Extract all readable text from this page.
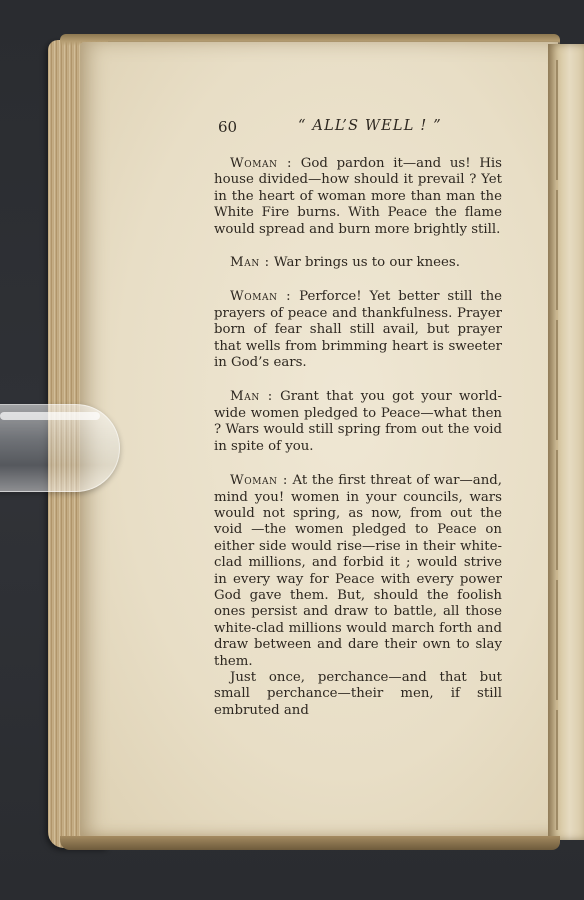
60	“ ALL’S WELL ! ”

Woman : God pardon it—and us! His house divided—how should it prevail ? Yet in the heart of woman more than man the White Fire burns. With Peace the flame would spread and burn more brightly still.

Man : War brings us to our knees.

Woman : Perforce! Yet better still the prayers of peace and thankfulness. Prayer born of fear shall still avail, but prayer that wells from brimming heart is sweeter in God’s ears.

Man : Grant that you got your world-wide women pledged to Peace—what then ? Wars would still spring from out the void in spite of you.

Woman : At the first threat of war—and, mind you! women in your councils, wars would not spring, as now, from out the void —the women pledged to Peace on either side would rise—rise in their white-clad millions, and forbid it ; would strive in every way for Peace with every power God gave them. But, should the foolish ones persist and draw to battle, all those white-clad millions would march forth and draw between and dare their own to slay them.

Just once, perchance—and that but small perchance—their men, if still embruted and
